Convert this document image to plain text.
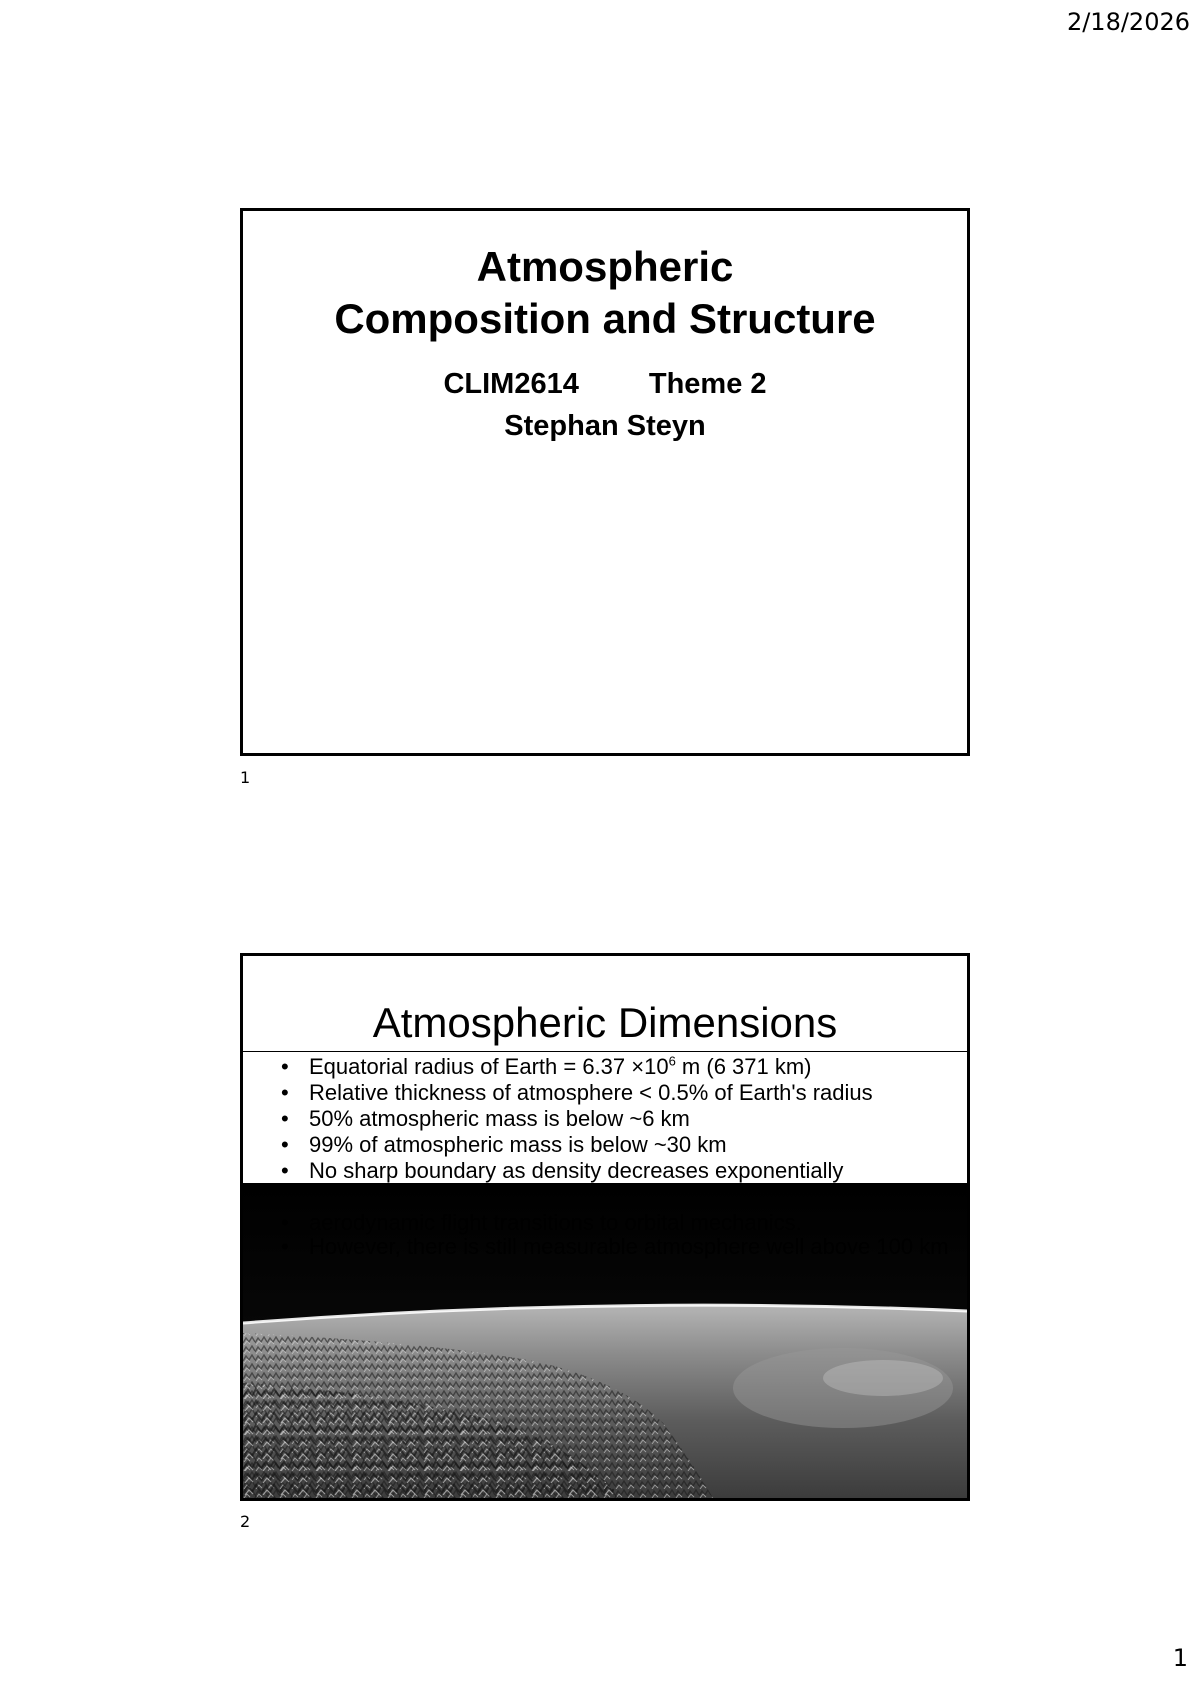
2/18/2026
Atmospheric
Composition and Structure
CLIM2614 Theme 2
Stephan Steyn
1
Atmospheric Dimensions
• Equatorial radius of Earth = $6.37 \times 10^6$ m (6 371 km)
• Relative thickness of atmosphere < 0.5% of Earth's radius
• 50% atmospheric mass is below ~6 km
• 99% of atmospheric mass is below ~30 km
• No sharp boundary as density decreases exponentially
• aerodynamic flight transitions to orbital mechanics.
• However, there is still measurable atmosphere well above 100 km
2
1
